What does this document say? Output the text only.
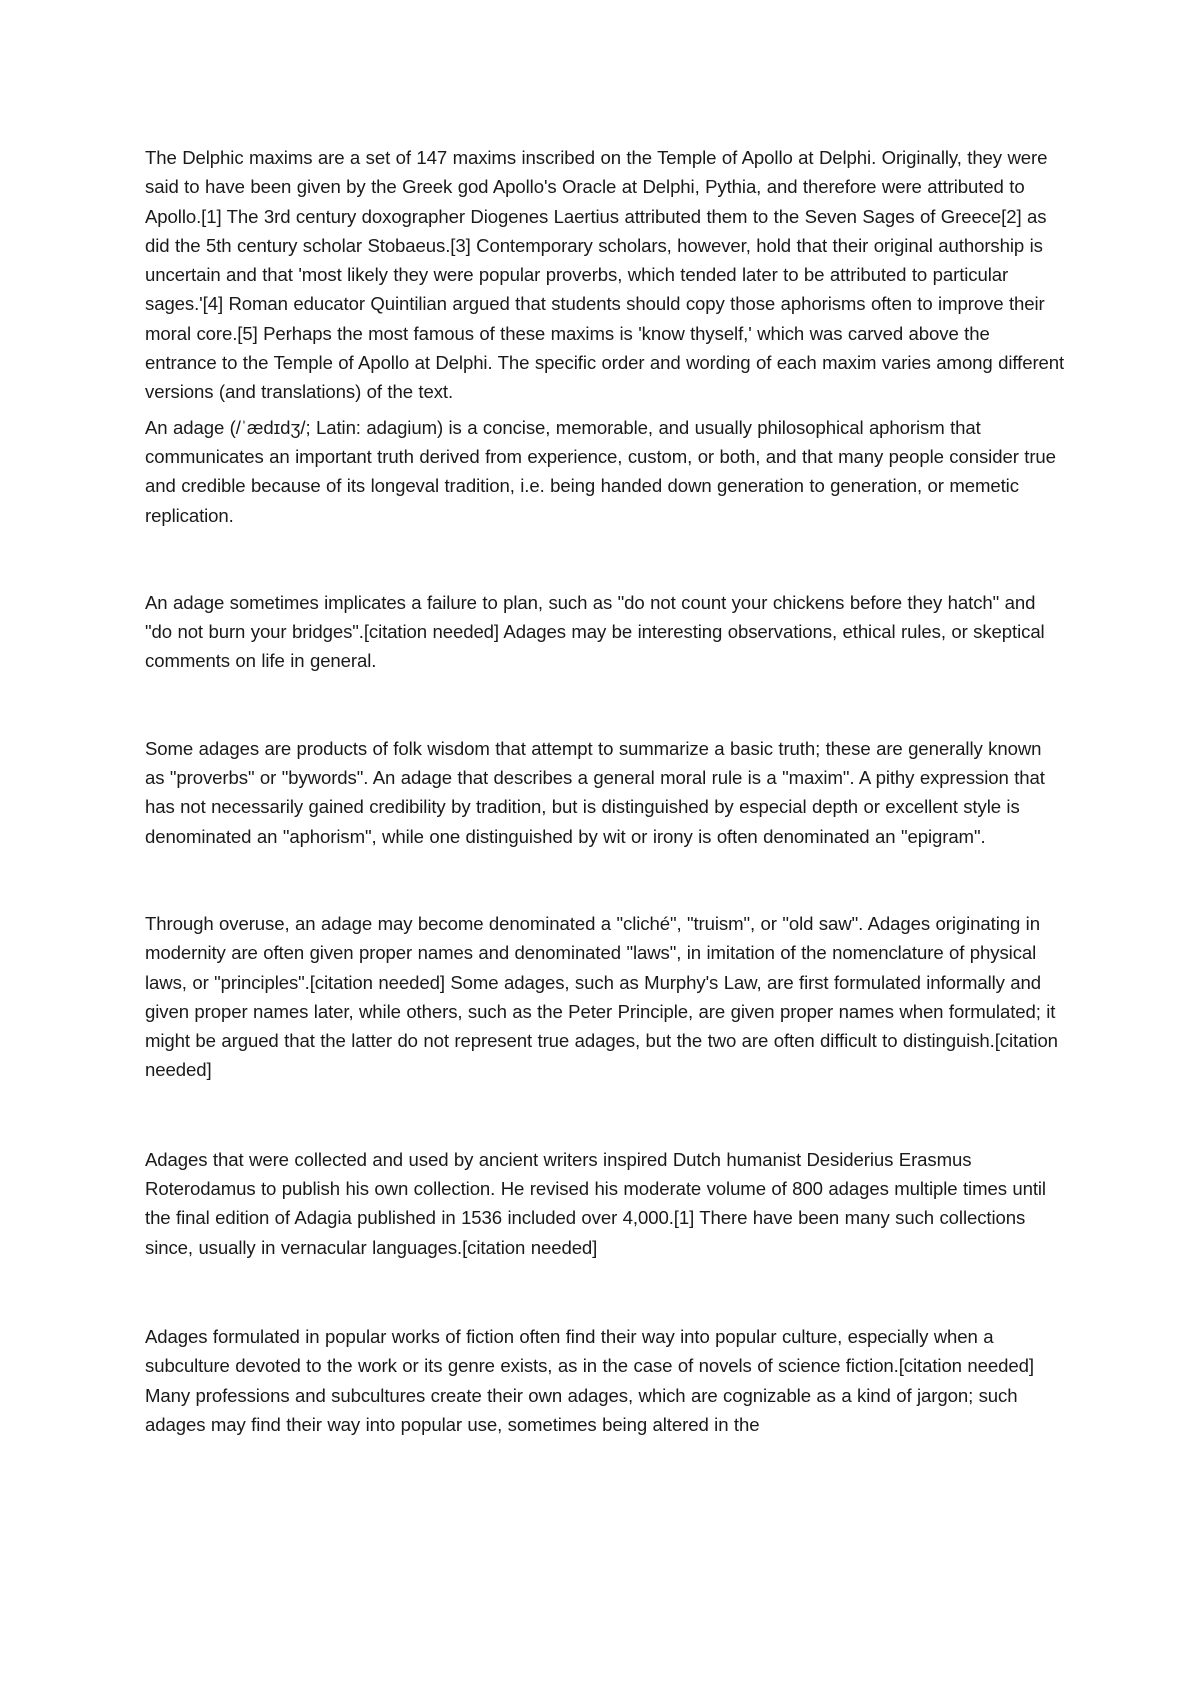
The Delphic maxims are a set of 147 maxims inscribed on the Temple of Apollo at Delphi. Originally, they were said to have been given by the Greek god Apollo's Oracle at Delphi, Pythia, and therefore were attributed to Apollo.[1] The 3rd century doxographer Diogenes Laertius attributed them to the Seven Sages of Greece[2] as did the 5th century scholar Stobaeus.[3] Contemporary scholars, however, hold that their original authorship is uncertain and that 'most likely they were popular proverbs, which tended later to be attributed to particular sages.'[4] Roman educator Quintilian argued that students should copy those aphorisms often to improve their moral core.[5] Perhaps the most famous of these maxims is 'know thyself,' which was carved above the entrance to the Temple of Apollo at Delphi. The specific order and wording of each maxim varies among different versions (and translations) of the text.

An adage (/ˈædɪdʒ/; Latin: adagium) is a concise, memorable, and usually philosophical aphorism that communicates an important truth derived from experience, custom, or both, and that many people consider true and credible because of its longeval tradition, i.e. being handed down generation to generation, or memetic replication.

An adage sometimes implicates a failure to plan, such as "do not count your chickens before they hatch" and "do not burn your bridges".[citation needed] Adages may be interesting observations, ethical rules, or skeptical comments on life in general.

Some adages are products of folk wisdom that attempt to summarize a basic truth; these are generally known as "proverbs" or "bywords". An adage that describes a general moral rule is a "maxim". A pithy expression that has not necessarily gained credibility by tradition, but is distinguished by especial depth or excellent style is denominated an "aphorism", while one distinguished by wit or irony is often denominated an "epigram".

Through overuse, an adage may become denominated a "cliché", "truism", or "old saw". Adages originating in modernity are often given proper names and denominated "laws", in imitation of the nomenclature of physical laws, or "principles".[citation needed] Some adages, such as Murphy's Law, are first formulated informally and given proper names later, while others, such as the Peter Principle, are given proper names when formulated; it might be argued that the latter do not represent true adages, but the two are often difficult to distinguish.[citation needed]

Adages that were collected and used by ancient writers inspired Dutch humanist Desiderius Erasmus Roterodamus to publish his own collection. He revised his moderate volume of 800 adages multiple times until the final edition of Adagia published in 1536 included over 4,000.[1] There have been many such collections since, usually in vernacular languages.[citation needed]

Adages formulated in popular works of fiction often find their way into popular culture, especially when a subculture devoted to the work or its genre exists, as in the case of novels of science fiction.[citation needed] Many professions and subcultures create their own adages, which are cognizable as a kind of jargon; such adages may find their way into popular use, sometimes being altered in the
